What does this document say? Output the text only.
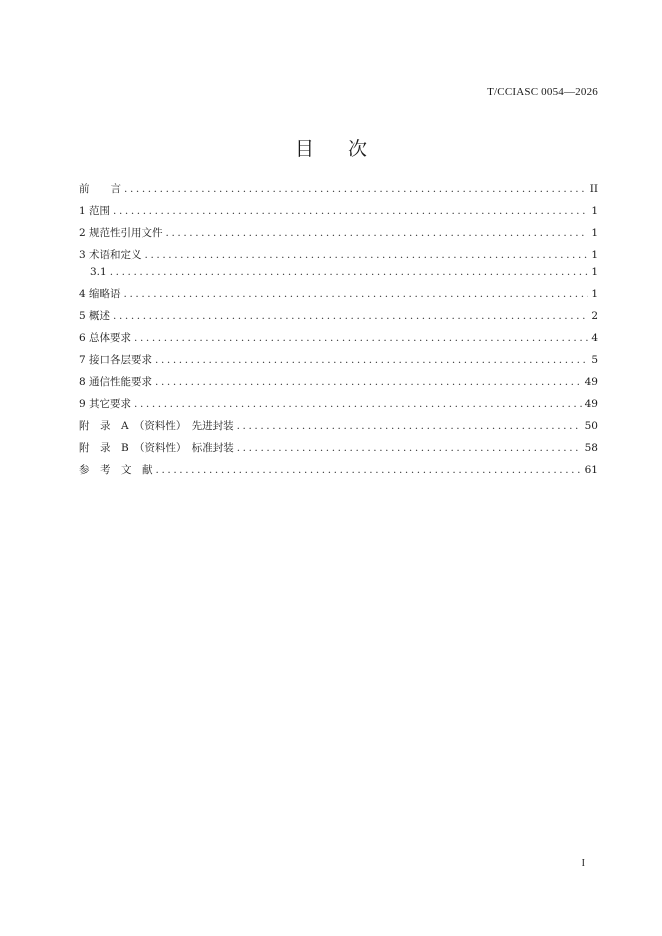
T/CCIASC 0054—2026
目 次
前　　言 .....	II
1 范围 .....	1
2 规范性引用文件 .....	1
3 术语和定义 .....	1
3.1 .....	1
4 缩略语 .....	1
5 概述 .....	2
6 总体要求 .....	4
7 接口各层要求 .....	5
8 通信性能要求 .....	49
9 其它要求 .....	49
附　录　A　（资料性）　先进封装 .....	50
附　录　B　（资料性）　标准封装 .....	58
参　考　文　献 .....	61
I
